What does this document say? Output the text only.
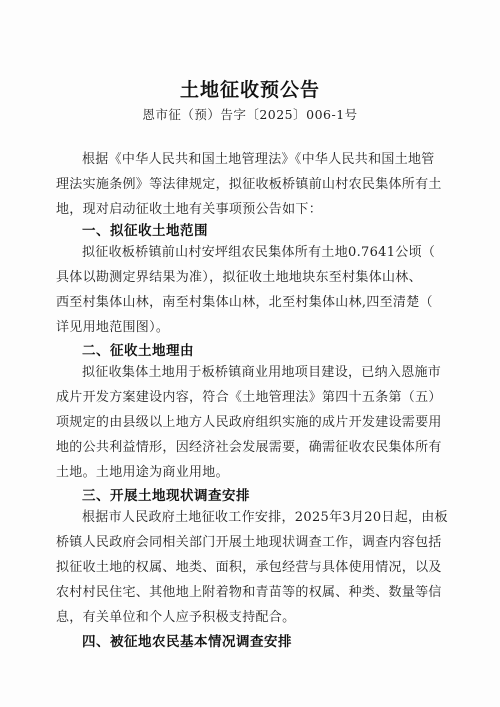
土地征收预公告
恩市征（预）告字〔2025〕006-1号
根据《中华人民共和国土地管理法》《中华人民共和国土地管
理法实施条例》等法律规定，拟征收板桥镇前山村农民集体所有土
地，现对启动征收土地有关事项预公告如下：
一、拟征收土地范围
拟征收板桥镇前山村安坪组农民集体所有土地0.7641公顷（
具体以勘测定界结果为准），拟征收土地地块东至村集体山林、
西至村集体山林，南至村集体山林，北至村集体山林,四至清楚（
详见用地范围图）。
二、征收土地理由
拟征收集体土地用于板桥镇商业用地项目建设，已纳入恩施市
成片开发方案建设内容，符合《土地管理法》第四十五条第（五）
项规定的由县级以上地方人民政府组织实施的成片开发建设需要用
地的公共利益情形，因经济社会发展需要，确需征收农民集体所有
土地。土地用途为商业用地。
三、开展土地现状调查安排
根据市人民政府土地征收工作安排，2025年3月20日起，由板
桥镇人民政府会同相关部门开展土地现状调查工作，调查内容包括
拟征收土地的权属、地类、面积，承包经营与具体使用情况，以及
农村村民住宅、其他地上附着物和青苗等的权属、种类、数量等信
息，有关单位和个人应予积极支持配合。
四、被征地农民基本情况调查安排
